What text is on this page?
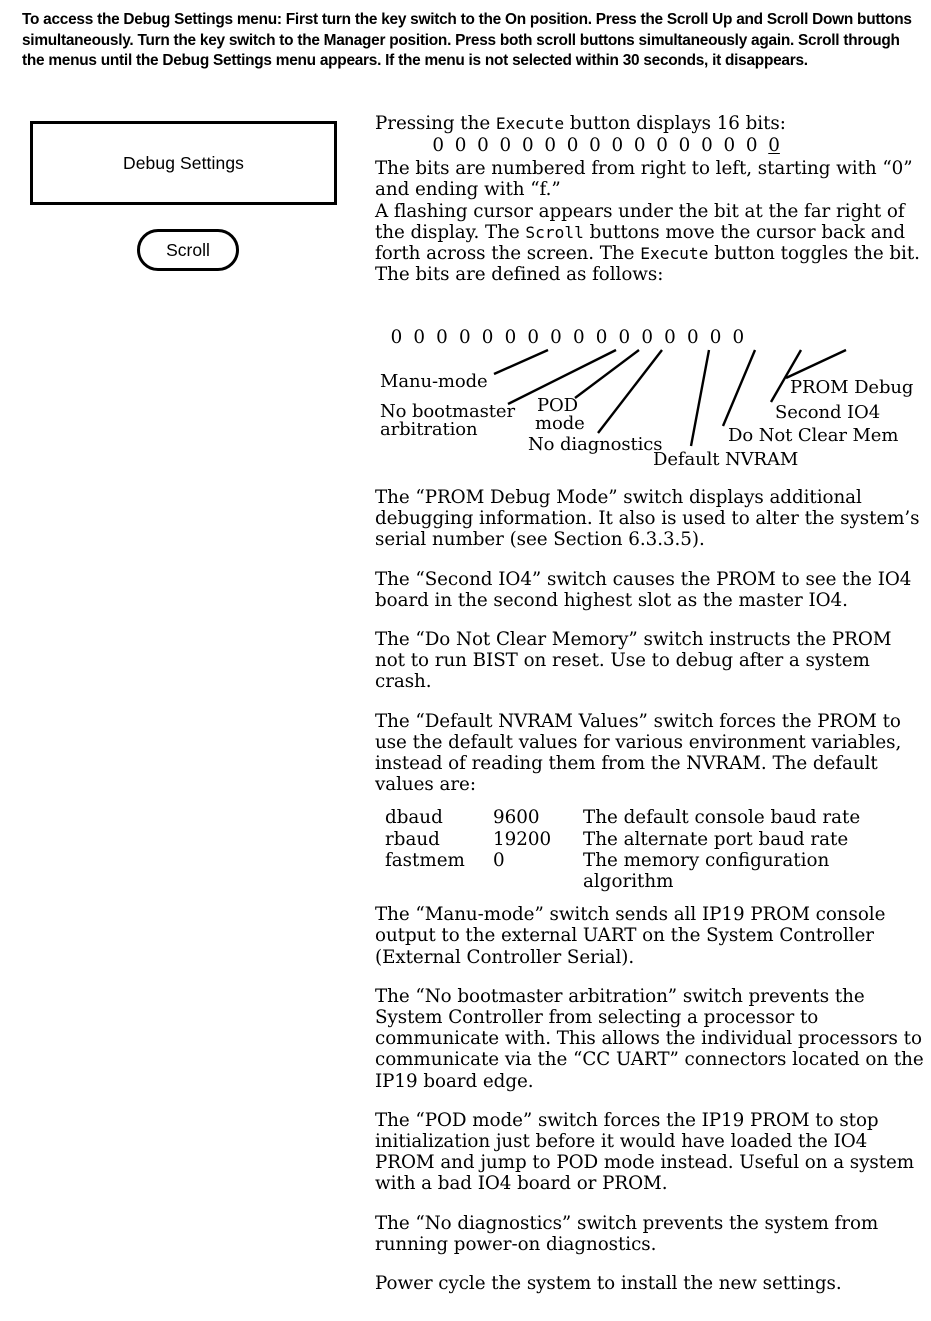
To access the Debug Settings menu: First turn the key switch to the On position. Press the Scroll Up and Scroll Down buttons simultaneously. Turn the key switch to the Manager position. Press both scroll buttons simultaneously again. Scroll through the menus until the Debug Settings menu appears. If the menu is not selected within 30 seconds, it disappears.
Debug Settings
Scroll

Pressing the Execute button displays 16 bits:

0 0 0 0 0 0 0 0 0 0 0 0 0 0 0 0

The bits are numbered from right to left, starting with “0” and ending with “f.”

A flashing cursor appears under the bit at the far right of the display. The Scroll buttons move the cursor back and forth across the screen. The Execute button toggles the bit. The bits are defined as follows:

0 0 0 0 0 0 0 0 0 0 0 0 0 0 0 0
Manu-mode
No bootmaster
arbitration
POD
mode
No diagnostics
Default NVRAM
Do Not Clear Mem
Second IO4
PROM Debug

The “PROM Debug Mode” switch displays additional debugging information. It also is used to alter the system’s serial number (see Section 6.3.3.5).

The “Second IO4” switch causes the PROM to see the IO4 board in the second highest slot as the master IO4.

The “Do Not Clear Memory” switch instructs the PROM not to run BIST on reset. Use to debug after a system crash.

The “Default NVRAM Values” switch forces the PROM to use the default values for various environment variables, instead of reading them from the NVRAM. The default values are:

dbaud	9600	The default console baud rate
rbaud	19200	The alternate port baud rate
fastmem	0	The memory configuration algorithm

The “Manu-mode” switch sends all IP19 PROM console output to the external UART on the System Controller (External Controller Serial).

The “No bootmaster arbitration” switch prevents the System Controller from selecting a processor to communicate with. This allows the individual processors to communicate via the “CC UART” connectors located on the IP19 board edge.

The “POD mode” switch forces the IP19 PROM to stop initialization just before it would have loaded the IO4 PROM and jump to POD mode instead. Useful on a system with a bad IO4 board or PROM.

The “No diagnostics” switch prevents the system from running power-on diagnostics.

Power cycle the system to install the new settings.
